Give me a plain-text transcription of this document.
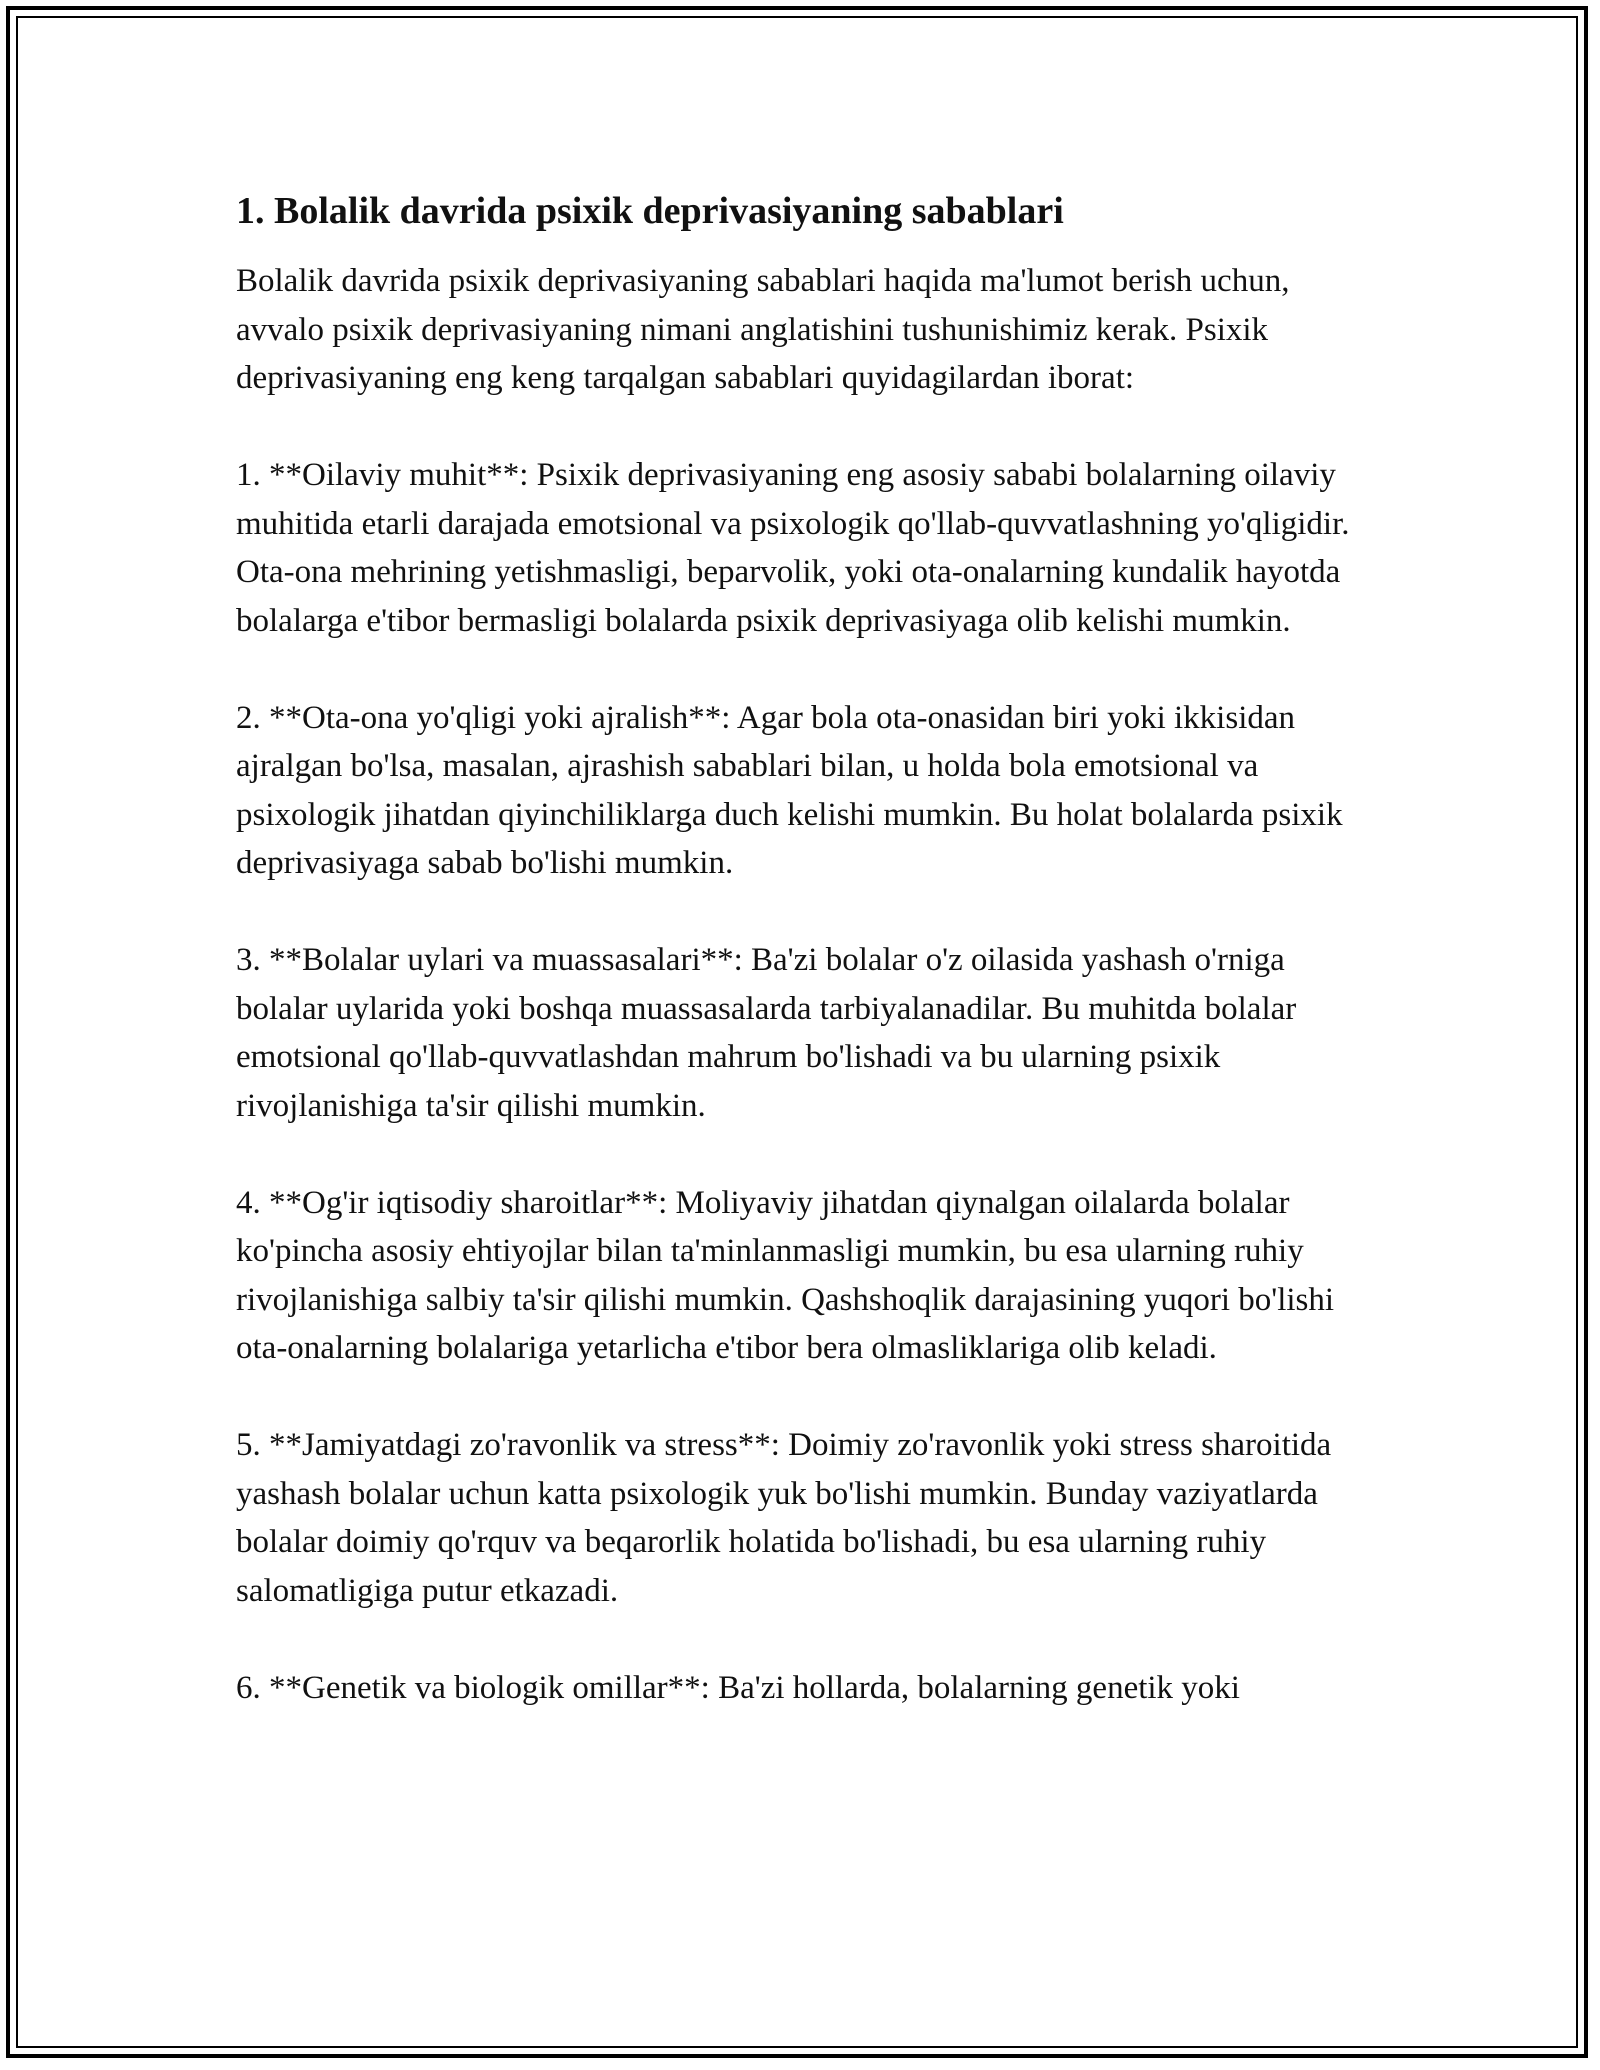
1. Bolalik davrida psixik deprivasiyaning sabablari

Bolalik davrida psixik deprivasiyaning sabablari haqida ma'lumot berish uchun, avvalo psixik deprivasiyaning nimani anglatishini tushunishimiz kerak. Psixik deprivasiyaning eng keng tarqalgan sabablari quyidagilardan iborat:

1. **Oilaviy muhit**: Psixik deprivasiyaning eng asosiy sababi bolalarning oilaviy muhitida etarli darajada emotsional va psixologik qo'llab-quvvatlashning yo'qligidir. Ota-ona mehrining yetishmasligi, beparvolik, yoki ota-onalarning kundalik hayotda bolalarga e'tibor bermasligi bolalarda psixik deprivasiyaga olib kelishi mumkin.

2. **Ota-ona yo'qligi yoki ajralish**: Agar bola ota-onasidan biri yoki ikkisidan ajralgan bo'lsa, masalan, ajrashish sabablari bilan, u holda bola emotsional va psixologik jihatdan qiyinchiliklarga duch kelishi mumkin. Bu holat bolalarda psixik deprivasiyaga sabab bo'lishi mumkin.

3. **Bolalar uylari va muassasalari**: Ba'zi bolalar o'z oilasida yashash o'rniga bolalar uylarida yoki boshqa muassasalarda tarbiyalanadilar. Bu muhitda bolalar emotsional qo'llab-quvvatlashdan mahrum bo'lishadi va bu ularning psixik rivojlanishiga ta'sir qilishi mumkin.

4. **Og'ir iqtisodiy sharoitlar**: Moliyaviy jihatdan qiynalgan oilalarda bolalar ko'pincha asosiy ehtiyojlar bilan ta'minlanmasligi mumkin, bu esa ularning ruhiy rivojlanishiga salbiy ta'sir qilishi mumkin. Qashshoqlik darajasining yuqori bo'lishi ota-onalarning bolalariga yetarlicha e'tibor bera olmasliklariga olib keladi.

5. **Jamiyatdagi zo'ravonlik va stress**: Doimiy zo'ravonlik yoki stress sharoitida yashash bolalar uchun katta psixologik yuk bo'lishi mumkin. Bunday vaziyatlarda bolalar doimiy qo'rquv va beqarorlik holatida bo'lishadi, bu esa ularning ruhiy salomatligiga putur etkazadi.

6. **Genetik va biologik omillar**: Ba'zi hollarda, bolalarning genetik yoki
